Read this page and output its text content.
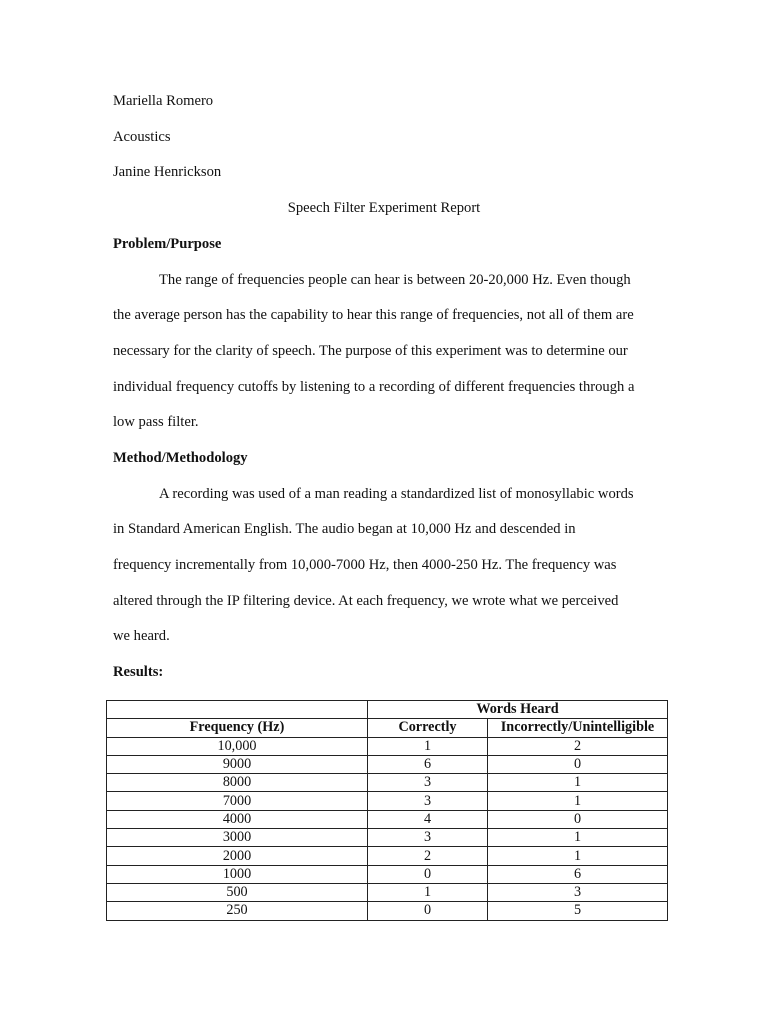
Mariella Romero
Acoustics
Janine Henrickson
Speech Filter Experiment Report
Problem/Purpose
The range of frequencies people can hear is between 20-20,000 Hz. Even though
the average person has the capability to hear this range of frequencies, not all of them are
necessary for the clarity of speech. The purpose of this experiment was to determine our
individual frequency cutoffs by listening to a recording of different frequencies through a
low pass filter.
Method/Methodology
A recording was used of a man reading a standardized list of monosyllabic words
in Standard American English. The audio began at 10,000 Hz and descended in
frequency incrementally from 10,000-7000 Hz, then 4000-250 Hz. The frequency was
altered through the IP filtering device. At each frequency, we wrote what we perceived
we heard.
Results:
	Words Heard	
Frequency (Hz)	Correctly	Incorrectly/Unintelligible
10,000	1	2
9000	6	0
8000	3	1
7000	3	1
4000	4	0
3000	3	1
2000	2	1
1000	0	6
500	1	3
250	0	5
